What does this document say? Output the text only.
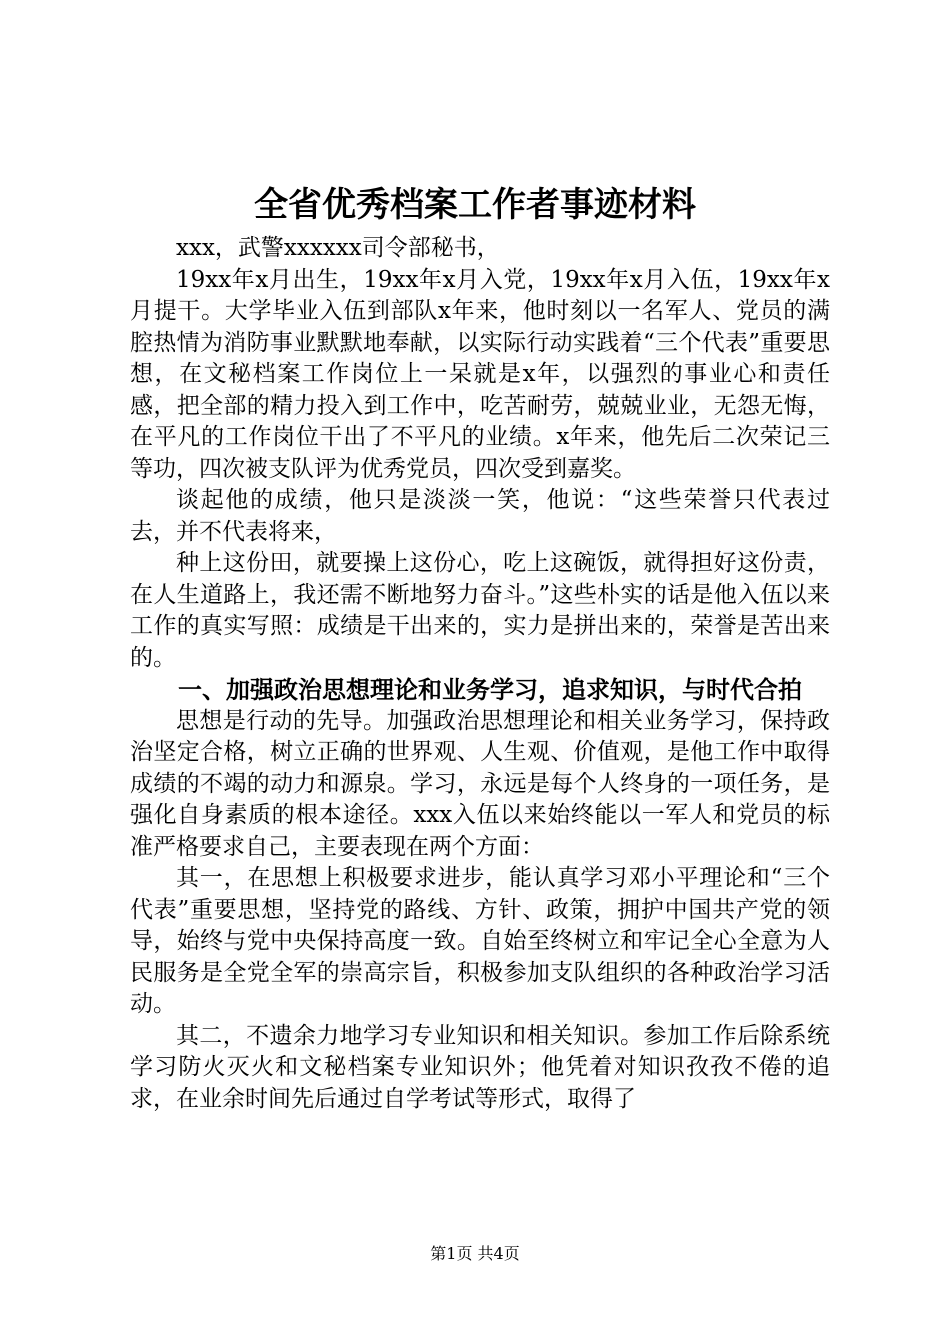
全省优秀档案工作者事迹材料

xxx，武警xxxxxx司令部秘书，

19xx年x月出生，19xx年x月入党，19xx年x月入伍，19xx年x月提干。大学毕业入伍到部队x年来，他时刻以一名军人、党员的满腔热情为消防事业默默地奉献，以实际行动实践着“三个代表”重要思想，在文秘档案工作岗位上一呆就是x年，以强烈的事业心和责任感，把全部的精力投入到工作中，吃苦耐劳，兢兢业业，无怨无悔，在平凡的工作岗位干出了不平凡的业绩。x年来，他先后二次荣记三等功，四次被支队评为优秀党员，四次受到嘉奖。

谈起他的成绩，他只是淡淡一笑，他说：“这些荣誉只代表过去，并不代表将来，

种上这份田，就要操上这份心，吃上这碗饭，就得担好这份责，在人生道路上，我还需不断地努力奋斗。”这些朴实的话是他入伍以来工作的真实写照：成绩是干出来的，实力是拼出来的，荣誉是苦出来的。

一、加强政治思想理论和业务学习，追求知识，与时代合拍

思想是行动的先导。加强政治思想理论和相关业务学习，保持政治坚定合格，树立正确的世界观、人生观、价值观，是他工作中取得成绩的不竭的动力和源泉。学习，永远是每个人终身的一项任务，是强化自身素质的根本途径。xxx入伍以来始终能以一军人和党员的标准严格要求自己，主要表现在两个方面：

其一，在思想上积极要求进步，能认真学习邓小平理论和“三个代表”重要思想，坚持党的路线、方针、政策，拥护中国共产党的领导，始终与党中央保持高度一致。自始至终树立和牢记全心全意为人民服务是全党全军的崇高宗旨，积极参加支队组织的各种政治学习活动。

其二，不遗余力地学习专业知识和相关知识。参加工作后除系统学习防火灭火和文秘档案专业知识外；他凭着对知识孜孜不倦的追求，在业余时间先后通过自学考试等形式，取得了

第1页 共4页
